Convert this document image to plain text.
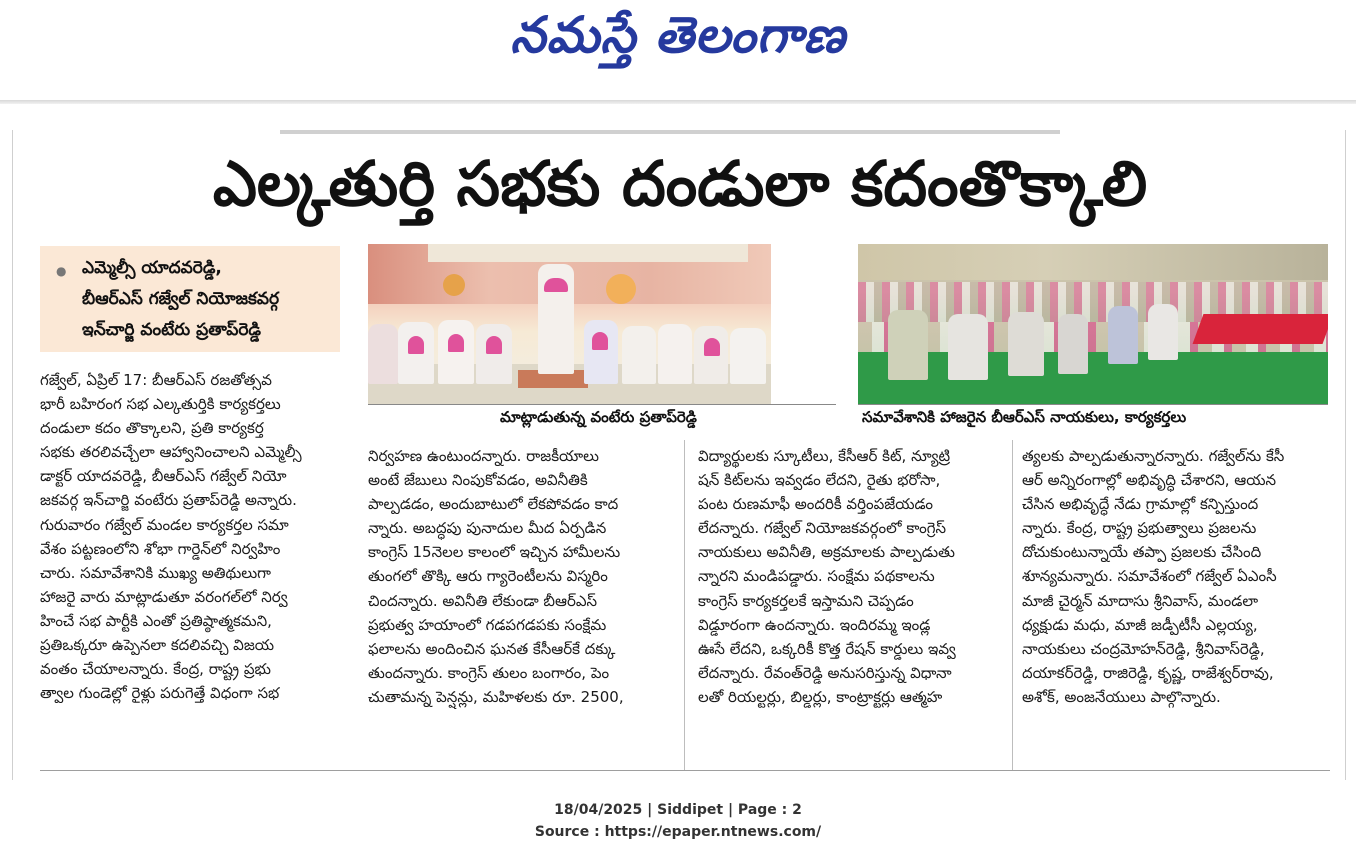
నమస్తే తెలంగాణ
ఎల్కతుర్తి సభకు దండులా కదంతొక్కాలి
● ఎమ్మెల్సీ యాదవరెడ్డి,
బీఆర్‌ఎస్ గజ్వేల్ నియోజకవర్గ
ఇన్‌చార్జి వంటేరు ప్రతాప్‌రెడ్డి
మాట్లాడుతున్న వంటేరు ప్రతాప్‌రెడ్డి	సమావేశానికి హాజరైన బీఆర్‌ఎస్ నాయకులు, కార్యకర్తలు

గజ్వేల్, ఏప్రిల్ 17: బీఆర్‌ఎస్ రజతోత్సవ

భారీ బహిరంగ సభ ఎల్కతుర్తికి కార్యకర్తలు

దండులా కదం తొక్కాలని, ప్రతి కార్యకర్త

సభకు తరలివచ్చేలా ఆహ్వానించాలని ఎమ్మెల్సీ

డాక్టర్ యాదవరెడ్డి, బీఆర్‌ఎస్ గజ్వేల్ నియో

జకవర్గ ఇన్‌చార్జి వంటేరు ప్రతాప్‌రెడ్డి అన్నారు.

గురువారం గజ్వేల్ మండల కార్యకర్తల సమా

వేశం పట్టణంలోని శోభా గార్డెన్‌లో నిర్వహిం

చారు. సమావేశానికి ముఖ్య అతిథులుగా

హాజరై వారు మాట్లాడుతూ వరంగల్‌లో నిర్వ

హించే సభ పార్టీకి ఎంతో ప్రతిష్ఠాత్మకమని,

ప్రతిఒక్కరూ ఉప్పెనలా కదలివచ్చి విజయ

వంతం చేయాలన్నారు. కేంద్ర, రాష్ట్ర ప్రభు

త్వాల గుండెల్లో రైళ్లు పరుగెత్తే విధంగా సభ

నిర్వహణ ఉంటుందన్నారు. రాజకీయాలు

అంటే జేబులు నింపుకోవడం, అవినీతికి

పాల్పడడం, అందుబాటులో లేకపోవడం కాద

న్నారు. అబద్ధపు పునాదుల మీద ఏర్పడిన

కాంగ్రెస్ 15నెలల కాలంలో ఇచ్చిన హామీలను

తుంగలో తొక్కి ఆరు గ్యారెంటీలను విస్మరిం

చిందన్నారు. అవినీతి లేకుండా బీఆర్‌ఎస్

ప్రభుత్వ హయాంలో గడపగడపకు సంక్షేమ

ఫలాలను అందించిన ఘనత కేసీఆర్‌కే దక్కు

తుందన్నారు. కాంగ్రెస్ తులం బంగారం, పెం

చుతామన్న పెన్షన్లు, మహిళలకు రూ. 2500,

విద్యార్థులకు స్కూటీలు, కేసీఆర్ కిట్, న్యూట్రి

షన్ కిట్‌లను ఇవ్వడం లేదని, రైతు భరోసా,

పంట రుణమాఫీ అందరికీ వర్తింపజేయడం

లేదన్నారు. గజ్వేల్ నియోజకవర్గంలో కాంగ్రెస్

నాయకులు అవినీతి, అక్రమాలకు పాల్పడుతు

న్నారని మండిపడ్డారు. సంక్షేమ పథకాలను

కాంగ్రెస్ కార్యకర్తలకే ఇస్తామని చెప్పడం

విడ్డూరంగా ఉందన్నారు. ఇందిరమ్మ ఇండ్ల

ఊసే లేదని, ఒక్కరికీ కొత్త రేషన్ కార్డులు ఇవ్వ

లేదన్నారు. రేవంత్‌రెడ్డి అనుసరిస్తున్న విధానా

లతో రియల్టర్లు, బిల్డర్లు, కాంట్రాక్టర్లు ఆత్మహ

త్యలకు పాల్పడుతున్నారన్నారు. గజ్వేల్‌ను కేసీ

ఆర్ అన్నిరంగాల్లో అభివృద్ధి చేశారని, ఆయన

చేసిన అభివృద్ధే నేడు గ్రామాల్లో కన్పిస్తుంద

న్నారు. కేంద్ర, రాష్ట్ర ప్రభుత్వాలు ప్రజలను

దోచుకుంటున్నాయే తప్పా ప్రజలకు చేసింది

శూన్యమన్నారు. సమావేశంలో గజ్వేల్ ఏఎంసీ

మాజీ చైర్మన్ మాదాసు శ్రీనివాస్, మండలా

ధ్యక్షుడు మధు, మాజీ జడ్పీటీసీ ఎల్లయ్య,

నాయకులు చంద్రమోహన్‌రెడ్డి, శ్రీనివాస్‌రెడ్డి,

దయాకర్‌రెడ్డి, రాజిరెడ్డి, కృష్ణ, రాజేశ్వర్‌రావు,

అశోక్, అంజనేయులు పాల్గొన్నారు.

18/04/2025 | Siddipet | Page : 2
Source : https://epaper.ntnews.com/
